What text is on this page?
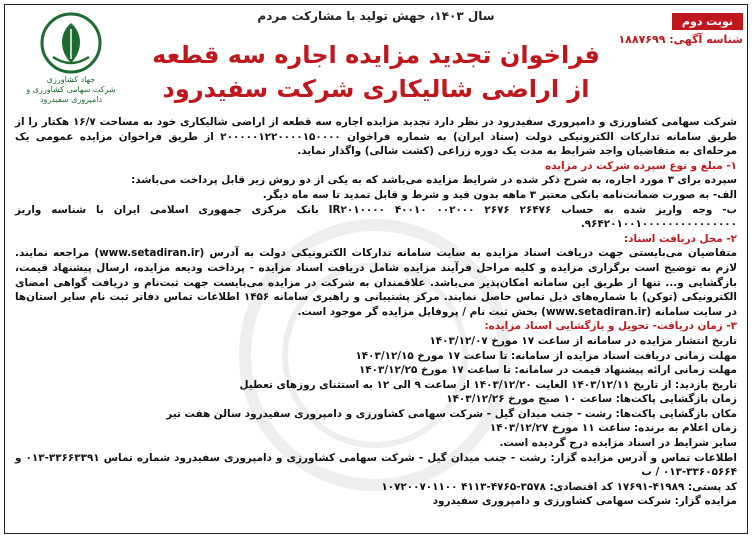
سال ۱۴۰۳، جهش تولید با مشارکت مردم	نوبت دوم
شناسه آگهی: ۱۸۸۷۶۹۹
جهاد کشاورزی
شرکت سهامی کشاورزی و دامپروری سفیدرود
فراخوان تجدید مزایده اجاره سه قطعه
از اراضی شالیکاری شرکت سفیدرود

شرکت سهامی کشاورزی و دامپروری سفیدرود در نظر دارد تجدید مزایده اجاره سه قطعه از اراضی شالیکاری خود به مساحت ۱۶/۷ هکتار را از طریق سامانه تدارکات الکترونیکی دولت (ستاد ایران) به شماره فراخوان ۲۰۰۰۰۰۱۲۲۰۰۰۰۱۵۰۰۰۰ از طریق فراخوان مزایده عمومی یک مرحله‌ای به متقاضیان واجد شرایط به مدت یک دوره زراعی (کشت شالی) واگذار نماید.

۱- مبلغ و نوع سپرده شرکت در مزایده

سپرده برای ۳ مورد اجاره، به شرح ذکر شده در شرایط مزایده می‌باشد که به یکی از دو روش زیر قابل پرداخت می‌باشد:

الف- به صورت ضمانت‌نامه بانکی معتبر ۳ ماهه بدون قید و شرط و قابل تمدید تا سه ماه دیگر.

ب- وجه واریز شده به حساب ۲۶۴۷۶ ۲۶۷۶ ۰۰۲۰۰۰ ۴۰۰۱۰ IR۲۰۱۰۰۰۰ بانک مرکزی جمهوری اسلامی ایران با شناسه واریز ۹۶۴۲۰۱۰۰۱۰۰۰۰۰۰۰۰۰۰۰۰۰۰۰.

۲- محل دریافت اسناد:

متقاضیان می‌بایستی جهت دریافت اسناد مزایده به سایت سامانه تدارکات الکترونیکی دولت به آدرس (www.setadiran.ir) مراجعه نمایند. لازم به توضیح است برگزاری مزایده و کلیه مراحل فرآیند مزایده شامل دریافت اسناد مزایده - پرداخت ودیعه مزایده، ارسال پیشنهاد قیمت، بازگشایی و... تنها از طریق این سامانه امکان‌پذیر می‌باشد. علاقمندان به شرکت در مزایده می‌بایست جهت ثبت‌نام و دریافت گواهی امضای الکترونیکی (توکن) با شماره‌های ذیل تماس حاصل نمایند. مرکز پشتیبانی و راهبری سامانه ۱۴۵۶ اطلاعات تماس دفاتر ثبت نام سایر استان‌ها در سایت سامانه (www.setadiran.ir) بخش ثبت نام / پروفایل مزایده گر موجود است.

۳- زمان دریافت- تحویل و بازگشایی اسناد مزایده:

تاریخ انتشار مزایده در سامانه از ساعت ۱۷ مورخ ۱۴۰۳/۱۲/۰۷

مهلت زمانی دریافت اسناد مزایده از سامانه: تا ساعت ۱۷ مورخ ۱۴۰۳/۱۲/۱۵

مهلت زمانی ارائه پیشنهاد قیمت در سامانه: تا ساعت ۱۷ مورخ ۱۴۰۳/۱۲/۲۵

تاریخ بازدید: از تاریخ ۱۴۰۳/۱۲/۱۱ الغایت ۱۴۰۳/۱۲/۲۰ از ساعت ۹ الی ۱۲ به استثنای روزهای تعطیل

زمان بازگشایی پاکت‌ها: ساعت ۱۰ صبح مورخ ۱۴۰۳/۱۲/۲۶

مکان بازگشایی پاکت‌ها: رشت - جنب میدان گیل - شرکت سهامی کشاورزی و دامپروری سفیدرود سالن هفت تیر

زمان اعلام به برنده: ساعت ۱۱ مورخ ۱۴۰۳/۱۲/۲۷

سایر شرایط در اسناد مزایده درج گردیده است.

اطلاعات تماس و آدرس مزایده گزار: رشت - جنب میدان گیل - شرکت سهامی کشاورزی و دامپروری سفیدرود شماره تماس ۳۳۶۶۳۳۹۱-۰۱۳ و ۳۳۶۰۵۶۶۴-۰۱۳ / ب

کد پستی: ۴۱۹۸۹-۱۷۶۹۱ کد اقتصادی: ۳۵۷۸-۴۷۶۵-۴۱۱۳ ۱۰۷۲۰۰۷۰۱۱۰۰

مزایده گزار: شرکت سهامی کشاورزی و دامپروری سفیدرود
